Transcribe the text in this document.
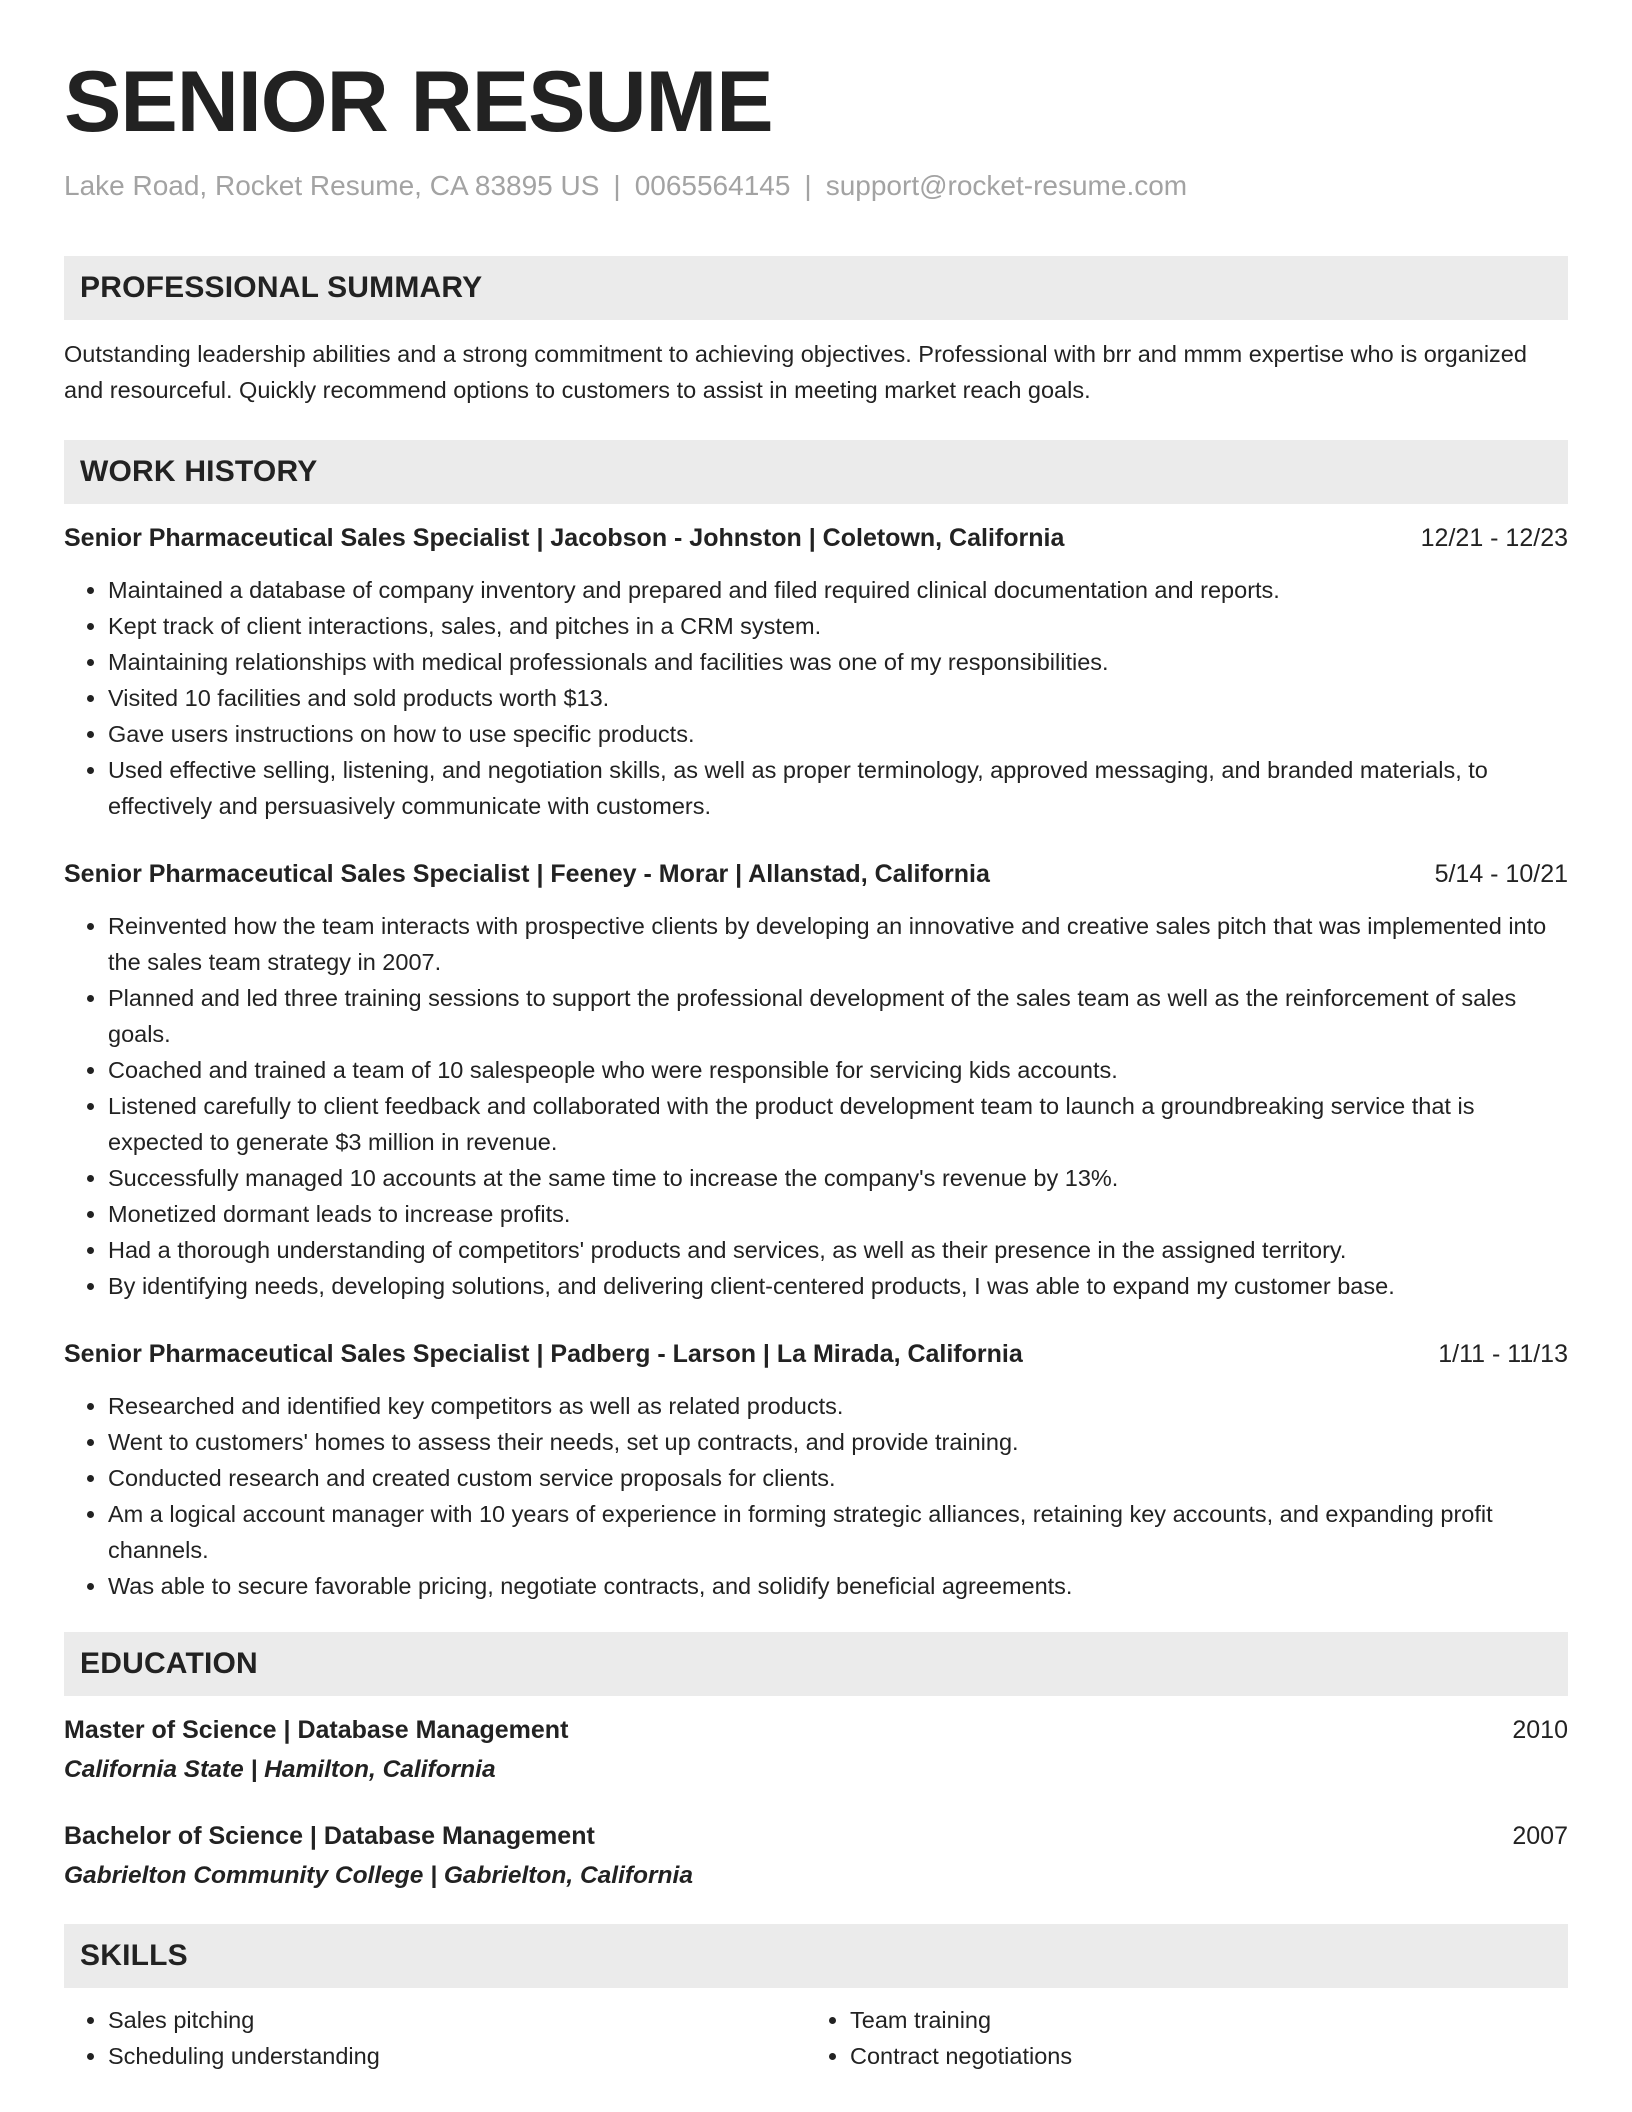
SENIOR RESUME
Lake Road, Rocket Resume, CA 83895 US | 0065564145 | support@rocket-resume.com
PROFESSIONAL SUMMARY

Outstanding leadership abilities and a strong commitment to achieving objectives. Professional with brr and mmm expertise who is organized and resourceful. Quickly recommend options to customers to assist in meeting market reach goals.

WORK HISTORY
Senior Pharmaceutical Sales Specialist | Jacobson - Johnston | Coletown, California	12/21 - 12/23
• Maintained a database of company inventory and prepared and filed required clinical documentation and reports.
• Kept track of client interactions, sales, and pitches in a CRM system.
• Maintaining relationships with medical professionals and facilities was one of my responsibilities.
• Visited 10 facilities and sold products worth $13.
• Gave users instructions on how to use specific products.
• Used effective selling, listening, and negotiation skills, as well as proper terminology, approved messaging, and branded materials, to effectively and persuasively communicate with customers.
Senior Pharmaceutical Sales Specialist | Feeney - Morar | Allanstad, California	5/14 - 10/21
• Reinvented how the team interacts with prospective clients by developing an innovative and creative sales pitch that was implemented into the sales team strategy in 2007.
• Planned and led three training sessions to support the professional development of the sales team as well as the reinforcement of sales goals.
• Coached and trained a team of 10 salespeople who were responsible for servicing kids accounts.
• Listened carefully to client feedback and collaborated with the product development team to launch a groundbreaking service that is expected to generate $3 million in revenue.
• Successfully managed 10 accounts at the same time to increase the company's revenue by 13%.
• Monetized dormant leads to increase profits.
• Had a thorough understanding of competitors' products and services, as well as their presence in the assigned territory.
• By identifying needs, developing solutions, and delivering client-centered products, I was able to expand my customer base.
Senior Pharmaceutical Sales Specialist | Padberg - Larson | La Mirada, California	1/11 - 11/13
• Researched and identified key competitors as well as related products.
• Went to customers' homes to assess their needs, set up contracts, and provide training.
• Conducted research and created custom service proposals for clients.
• Am a logical account manager with 10 years of experience in forming strategic alliances, retaining key accounts, and expanding profit channels.
• Was able to secure favorable pricing, negotiate contracts, and solidify beneficial agreements.
EDUCATION
Master of Science | Database Management	2010
California State | Hamilton, California
Bachelor of Science | Database Management	2007
Gabrielton Community College | Gabrielton, California
SKILLS
• Sales pitching
• Scheduling understanding
• Team training
• Contract negotiations
